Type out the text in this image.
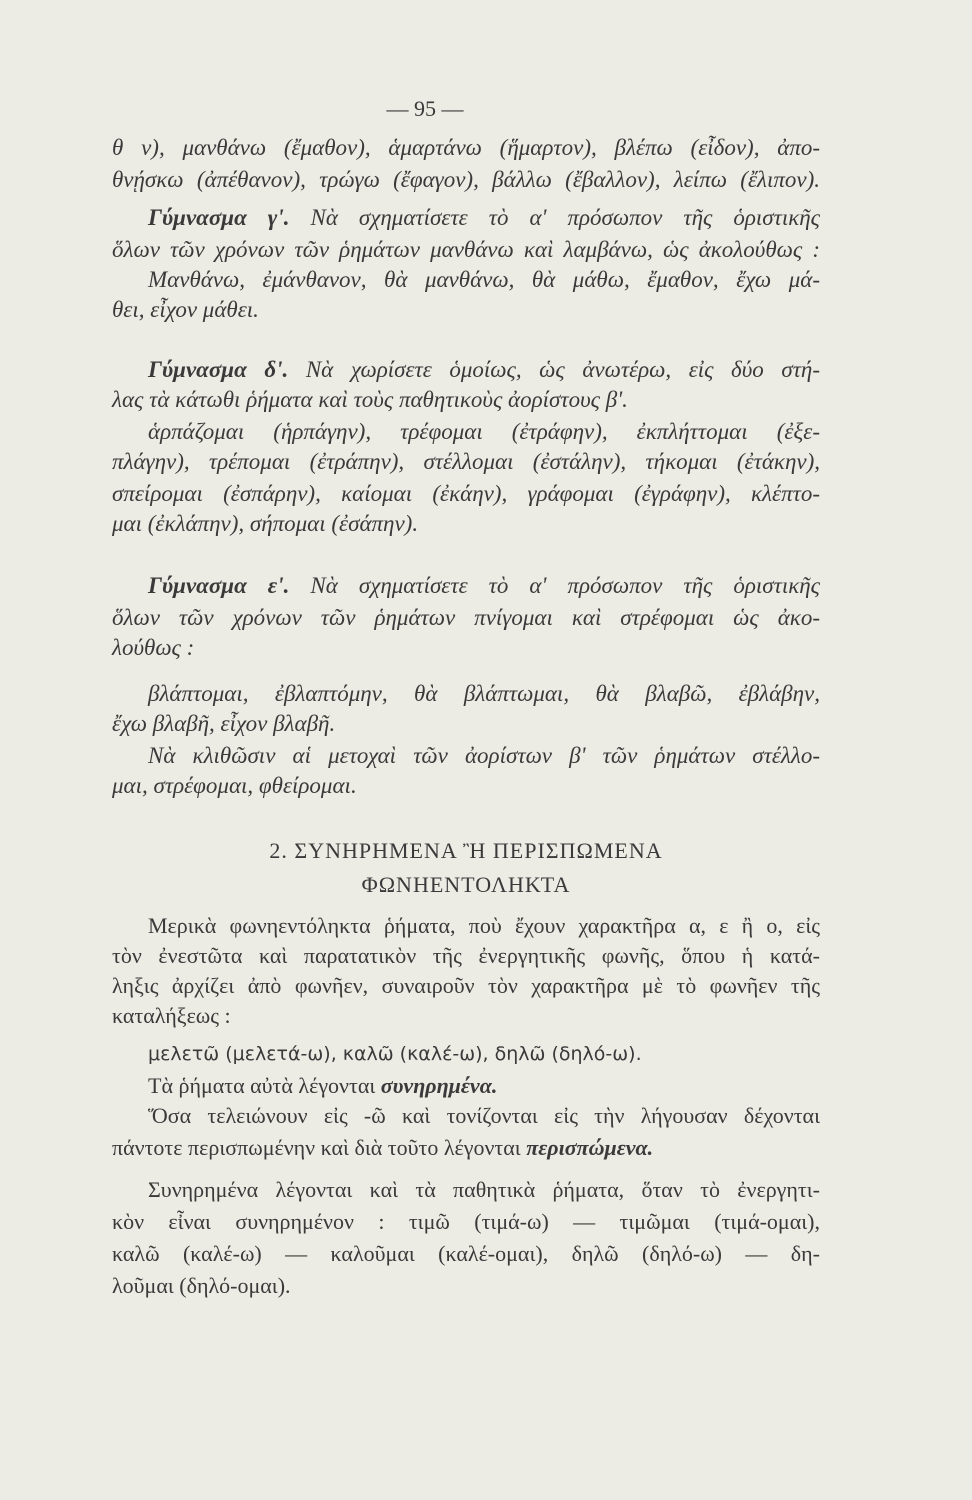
— 95 —
θ ν), μανθάνω (ἔμαθον), ἁμαρτάνω (ἥμαρτον), βλέπω (εἶδον), ἀπο-
θνῄσκω (ἀπέθανον), τρώγω (ἔφαγον), βάλλω (ἔβαλλον), λείπω (ἔλιπον).
Γύμνασμα γ'. Νὰ σχηματίσετε τὸ α' πρόσωπον τῆς ὁριστικῆς
ὅλων τῶν χρόνων τῶν ῥημάτων μανθάνω καὶ λαμβάνω, ὡς ἀκολούθως :
Μανθάνω, ἐμάνθανον, θὰ μανθάνω, θὰ μάθω, ἔμαθον, ἔχω μά-
θει, εἶχον μάθει.
Γύμνασμα δ'. Νὰ χωρίσετε ὁμοίως, ὡς ἀνωτέρω, εἰς δύο στή-
λας τὰ κάτωθι ῥήματα καὶ τοὺς παθητικοὺς ἀορίστους β'.
ἁρπάζομαι (ἡρπάγην), τρέφομαι (ἐτράφην), ἐκπλήττομαι (ἐξε-
πλάγην), τρέπομαι (ἐτράπην), στέλλομαι (ἐστάλην), τήκομαι (ἐτάκην),
σπείρομαι (ἐσπάρην), καίομαι (ἐκάην), γράφομαι (ἐγράφην), κλέπτο-
μαι (ἐκλάπην), σήπομαι (ἐσάπην).
Γύμνασμα ε'. Νὰ σχηματίσετε τὸ α' πρόσωπον τῆς ὁριστικῆς
ὅλων τῶν χρόνων τῶν ῥημάτων πνίγομαι καὶ στρέφομαι ὡς ἀκο-
λούθως :
βλάπτομαι, ἐβλαπτόμην, θὰ βλάπτωμαι, θὰ βλαβῶ, ἐβλάβην,
ἔχω βλαβῆ, εἶχον βλαβῆ.
Νὰ κλιθῶσιν αἱ μετοχαὶ τῶν ἀορίστων β' τῶν ῥημάτων στέλλο-
μαι, στρέφομαι, φθείρομαι.
2. ΣΥΝΗΡΗΜΕΝΑ Ἢ ΠΕΡΙΣΠΩΜΕΝΑ
ΦΩΝΗΕΝΤΟΛΗΚΤΑ
Μερικὰ φωνηεντόληκτα ῥήματα, ποὺ ἔχουν χαρακτῆρα α, ε ἢ ο, εἰς
τὸν ἐνεστῶτα καὶ παρατατικὸν τῆς ἐνεργητικῆς φωνῆς, ὅπου ἡ κατά-
ληξις ἀρχίζει ἀπὸ φωνῆεν, συναιροῦν τὸν χαρακτῆρα μὲ τὸ φωνῆεν τῆς
καταλήξεως :
μελετῶ (μελετά-ω), καλῶ (καλέ-ω), δηλῶ (δηλό-ω).
Τὰ ῥήματα αὐτὰ λέγονται συνηρημένα.
Ὅσα τελειώνουν εἰς -ῶ καὶ τονίζονται εἰς τὴν λήγουσαν δέχονται
πάντοτε περισπωμένην καὶ διὰ τοῦτο λέγονται περισπώμενα.
Συνηρημένα λέγονται καὶ τὰ παθητικὰ ῥήματα, ὅταν τὸ ἐνεργητι-
κὸν εἶναι συνηρημένον : τιμῶ (τιμά-ω) — τιμῶμαι (τιμά-ομαι),
καλῶ (καλέ-ω) — καλοῦμαι (καλέ-ομαι), δηλῶ (δηλό-ω) — δη-
λοῦμαι (δηλό-ομαι).
